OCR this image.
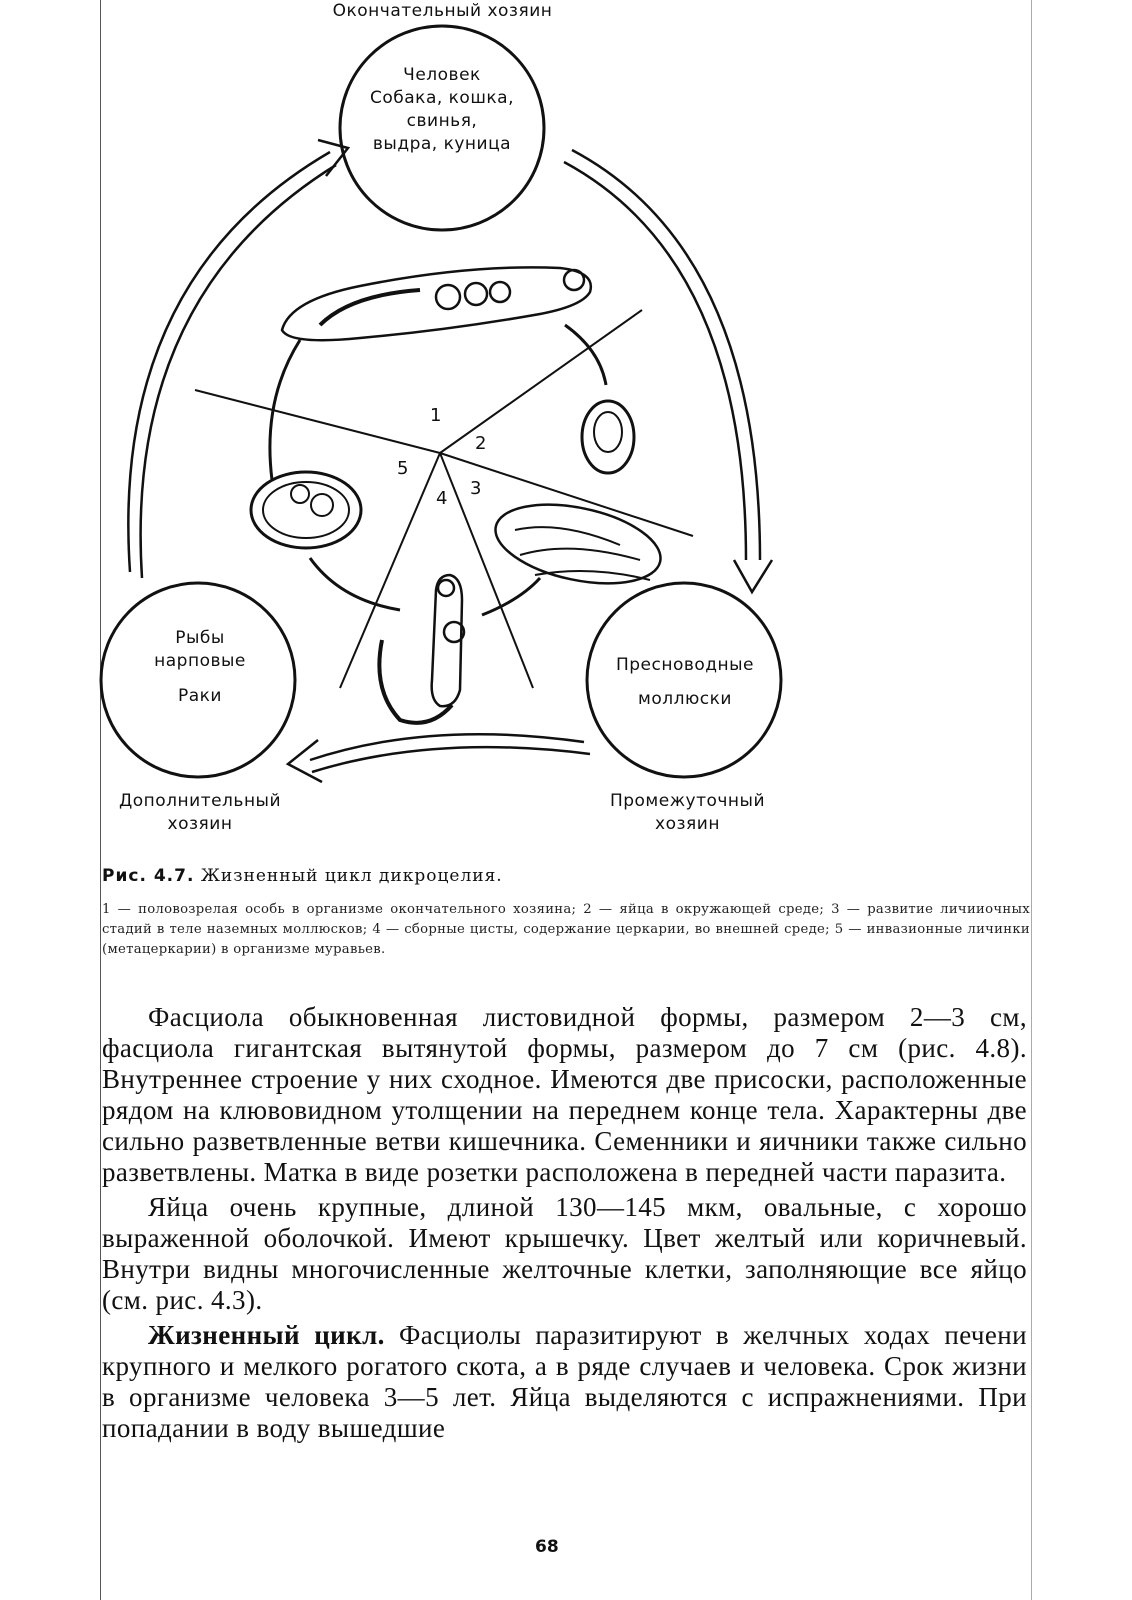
Окончательный хозяин
Человек
Собака, кошка,
свинья,
выдра, куница
Рыбы
нарповые
Раки
Пресноводные
моллюски
Дополнительный
хозяин
Промежуточный
хозяин
1
2
3
4
5
Рис. 4.7. Жизненный цикл дикроцелия.
1 — половозрелая особь в организме окончательного хозяина; 2 — яйца в окружающей среде; 3 — развитие личииочных стадий в теле наземных моллюсков; 4 — сборные цисты, содержание церкарии, во внешней среде; 5 — инвазионные личинки (метацеркарии) в организме муравьев.

Фасциола обыкновенная листовидной формы, размером 2—3 см, фасциола гигантская вытянутой формы, размером до 7 см (рис. 4.8). Внутреннее строение у них сходное. Имеются две присоски, расположенные рядом на клювовидном утолщении на переднем конце тела. Характерны две сильно разветвленные ветви кишечника. Семенники и яичники также сильно разветвлены. Матка в виде розетки расположена в передней части паразита.

Яйца очень крупные, длиной 130—145 мкм, овальные, с хорошо выраженной оболочкой. Имеют крышечку. Цвет желтый или коричневый. Внутри видны многочисленные желточные клетки, заполняющие все яйцо (см. рис. 4.3).

Жизненный цикл. Фасциолы паразитируют в желчных ходах печени крупного и мелкого рогатого скота, а в ряде случаев и человека. Срок жизни в организме человека 3—5 лет. Яйца выделяются с испражнениями. При попадании в воду вышедшие

68
